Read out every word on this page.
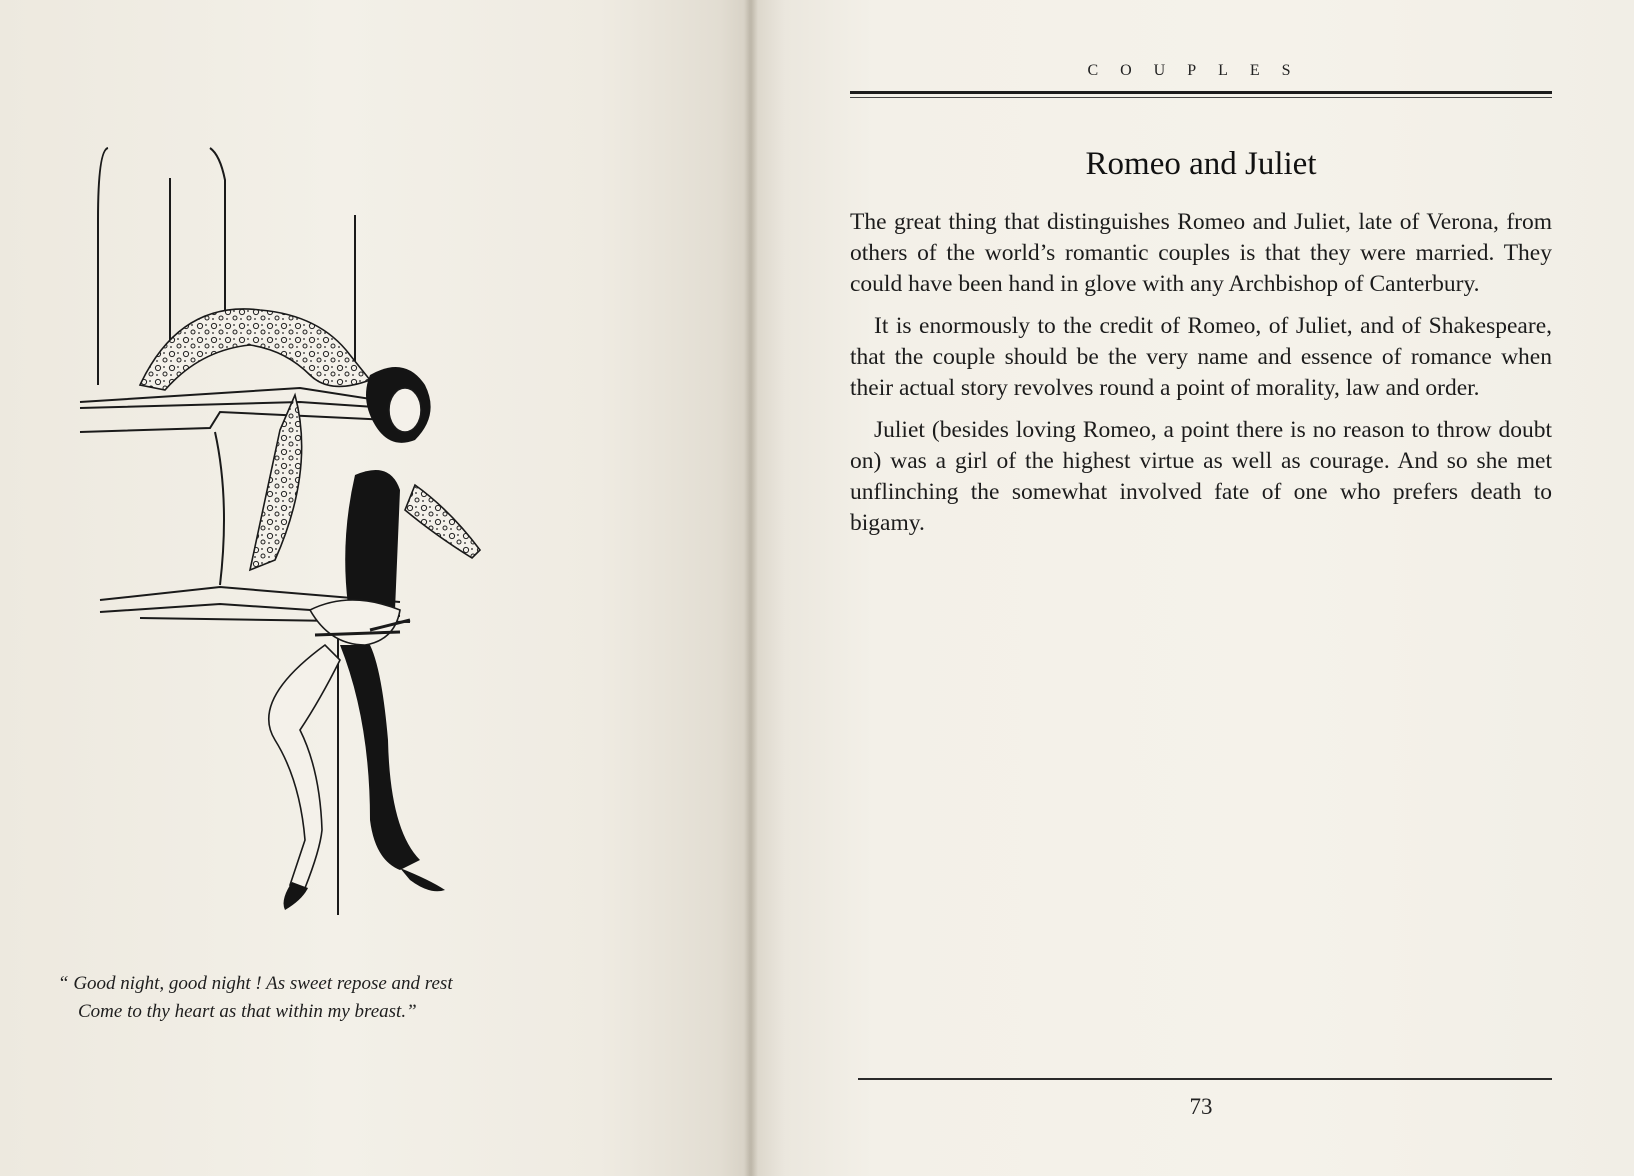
“ Good night, good night ! As sweet repose and rest
Come to thy heart as that within my breast.”
COUPLES
Romeo and Juliet

The great thing that distinguishes Romeo and Juliet, late of Verona, from others of the world’s romantic couples is that they were married. They could have been hand in glove with any Archbishop of Canterbury.

It is enormously to the credit of Romeo, of Juliet, and of Shakespeare, that the couple should be the very name and essence of romance when their actual story revolves round a point of morality, law and order.

Juliet (besides loving Romeo, a point there is no reason to throw doubt on) was a girl of the highest virtue as well as courage. And so she met unflinching the somewhat involved fate of one who prefers death to bigamy.

73
